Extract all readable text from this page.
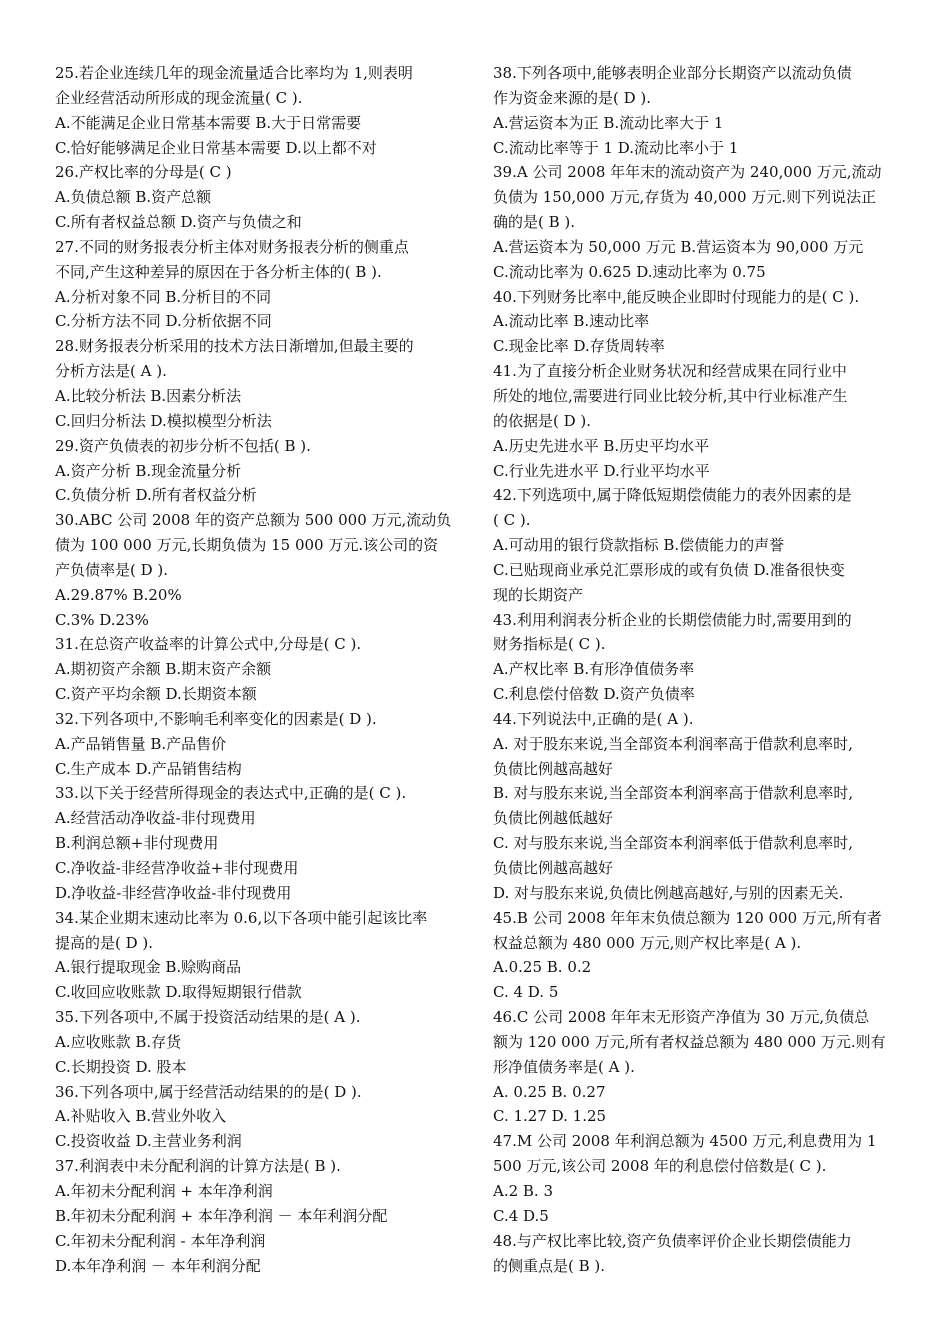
25.若企业连续几年的现金流量适合比率均为 1,则表明
企业经营活动所形成的现金流量( C ).
A.不能满足企业日常基本需要 B.大于日常需要
C.恰好能够满足企业日常基本需要 D.以上都不对
26.产权比率的分母是( C )
A.负债总额 B.资产总额
C.所有者权益总额 D.资产与负债之和
27.不同的财务报表分析主体对财务报表分析的侧重点
不同,产生这种差异的原因在于各分析主体的( B ).
A.分析对象不同 B.分析目的不同
C.分析方法不同 D.分析依据不同
28.财务报表分析采用的技术方法日渐增加,但最主要的
分析方法是( A ).
A.比较分析法 B.因素分析法
C.回归分析法 D.模拟模型分析法
29.资产负债表的初步分析不包括( B ).
A.资产分析 B.现金流量分析
C.负债分析 D.所有者权益分析
30.ABC 公司 2008 年的资产总额为 500 000 万元,流动负
债为 100 000 万元,长期负债为 15 000 万元.该公司的资
产负债率是( D ).
A.29.87% B.20%
C.3% D.23%
31.在总资产收益率的计算公式中,分母是( C ).
A.期初资产余额 B.期末资产余额
C.资产平均余额 D.长期资本额
32.下列各项中,不影响毛利率变化的因素是( D ).
A.产品销售量 B.产品售价
C.生产成本 D.产品销售结构
33.以下关于经营所得现金的表达式中,正确的是( C ).
A.经营活动净收益-非付现费用
B.利润总额+非付现费用
C.净收益-非经营净收益+非付现费用
D.净收益-非经营净收益-非付现费用
34.某企业期末速动比率为 0.6,以下各项中能引起该比率
提高的是( D ).
A.银行提取现金 B.赊购商品
C.收回应收账款 D.取得短期银行借款
35.下列各项中,不属于投资活动结果的是( A ).
A.应收账款 B.存货
C.长期投资 D. 股本
36.下列各项中,属于经营活动结果的的是( D ).
A.补贴收入 B.营业外收入
C.投资收益 D.主营业务利润
37.利润表中未分配利润的计算方法是( B ).
A.年初未分配利润 + 本年净利润
B.年初未分配利润 + 本年净利润 － 本年利润分配
C.年初未分配利润 - 本年净利润
D.本年净利润 － 本年利润分配
38.下列各项中,能够表明企业部分长期资产以流动负债
作为资金来源的是( D ).
A.营运资本为正 B.流动比率大于 1
C.流动比率等于 1 D.流动比率小于 1
39.A 公司 2008 年年末的流动资产为 240,000 万元,流动
负债为 150,000 万元,存货为 40,000 万元.则下列说法正
确的是( B ).
A.营运资本为 50,000 万元 B.营运资本为 90,000 万元
C.流动比率为 0.625 D.速动比率为 0.75
40.下列财务比率中,能反映企业即时付现能力的是( C ).
A.流动比率 B.速动比率
C.现金比率 D.存货周转率
41.为了直接分析企业财务状况和经营成果在同行业中
所处的地位,需要进行同业比较分析,其中行业标准产生
的依据是( D ).
A.历史先进水平 B.历史平均水平
C.行业先进水平 D.行业平均水平
42.下列选项中,属于降低短期偿债能力的表外因素的是
( C ).
A.可动用的银行贷款指标 B.偿债能力的声誉
C.已贴现商业承兑汇票形成的或有负债 D.准备很快变
现的长期资产
43.利用利润表分析企业的长期偿债能力时,需要用到的
财务指标是( C ).
A.产权比率 B.有形净值债务率
C.利息偿付倍数 D.资产负债率
44.下列说法中,正确的是( A ).
A. 对于股东来说,当全部资本利润率高于借款利息率时,
负债比例越高越好
B. 对与股东来说,当全部资本利润率高于借款利息率时,
负债比例越低越好
C. 对与股东来说,当全部资本利润率低于借款利息率时,
负债比例越高越好
D. 对与股东来说,负债比例越高越好,与别的因素无关.
45.B 公司 2008 年年末负债总额为 120 000 万元,所有者
权益总额为 480 000 万元,则产权比率是( A ).
A.0.25 B. 0.2
C. 4 D. 5
46.C 公司 2008 年年末无形资产净值为 30 万元,负债总
额为 120 000 万元,所有者权益总额为 480 000 万元.则有
形净值债务率是( A ).
A. 0.25 B. 0.27
C. 1.27 D. 1.25
47.M 公司 2008 年利润总额为 4500 万元,利息费用为 1
500 万元,该公司 2008 年的利息偿付倍数是( C ).
A.2 B. 3
C.4 D.5
48.与产权比率比较,资产负债率评价企业长期偿债能力
的侧重点是( B ).
